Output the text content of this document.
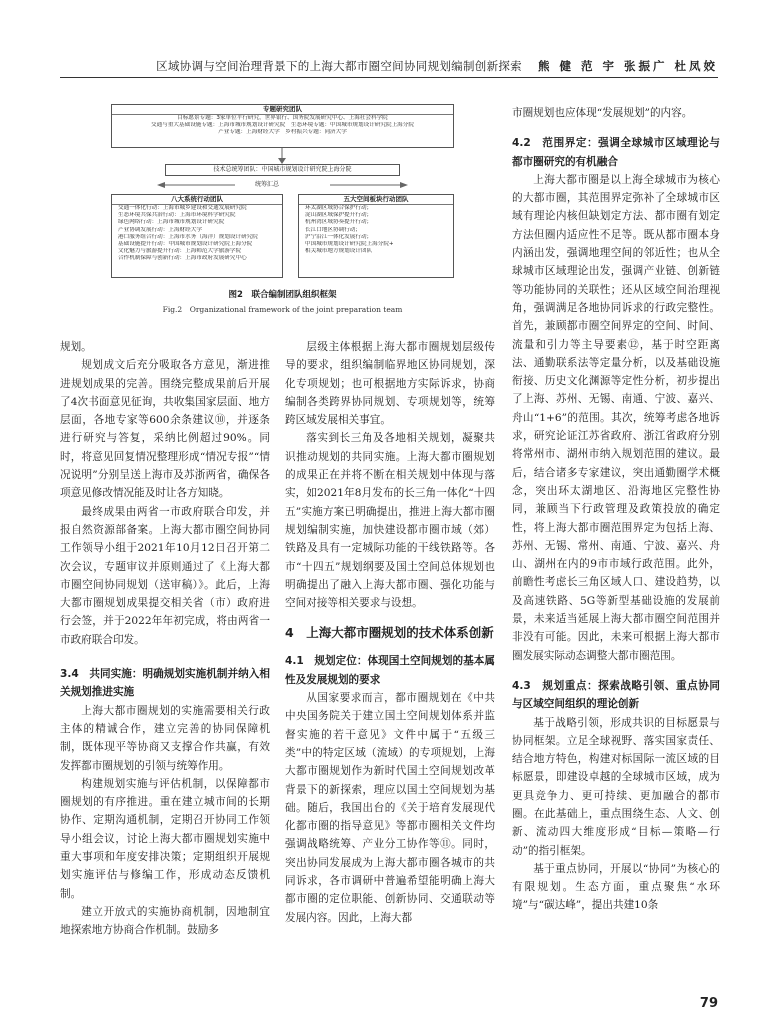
区域协调与空间治理背景下的上海大都市圈空间协同规划编制创新探索 熊 健 范 宇 张振广 杜凤姣
专题研究团队
目标愿景专题：3家单位平行研究，世界银行、国务院发展研究中心、上海社会科学院
交通与重大基础设施专题：上海市城市规划设计研究院　生态环境专题：中国城市规划设计研究院上海分院
产业专题：上海财经大学　乡村振兴专题：同济大学
技术总统筹团队：中国城市规划设计研究院上海分院
统筹汇总
八大系统行动团队
交通一体化行动：上海市城乡建设和交通发展研究院
生态环境共保共治行动：上海市环境科学研究院
绿色网络行动：上海市城市规划设计研究院
产业协调发展行动：上海财经大学
港口服务组合行动：上海市水务（海洋）规划设计研究院
基础设施提升行动：中国城市规划设计研究院上海分院
文化魅力与旅游提升行动：上海师范大学旅游学院
合作机制保障与创新行动：上海市政府发展研究中心
五大空间板块行动团队
环太湖区域协合保护行动；
淀山湖区域保护提升行动；
杭州湾区域协奏提升行动；
长江口地区协调行动；
沪宁沿江一体化发展行动；
中国城市规划设计研究院上海分院+
相关城市地方规划设计团队
图2　联合编制团队组织框架
Fig.2　Organizational framework of the joint preparation team

规划。

规划成文后充分吸取各方意见，渐进推进规划成果的完善。围绕完整成果前后开展了4次书面意见征询，共收集国家层面、地方层面，各地专家等600余条建议⑩，并逐条进行研究与答复，采纳比例超过90%。同时，将意见回复情况整理形成“情况专报”“情况说明”分别呈送上海市及苏浙两省，确保各项意见修改情况能及时让各方知晓。

最终成果由两省一市政府联合印发，并报自然资源部备案。上海大都市圈空间协同工作领导小组于2021年10月12日召开第二次会议，专题审议并原则通过了《上海大都市圈空间协同规划（送审稿）》。此后，上海大都市圈规划成果提交相关省（市）政府进行会签，并于2022年年初完成，将由两省一市政府联合印发。

3.4　共同实施：明确规划实施机制并纳入相关规划推进实施

上海大都市圈规划的实施需要相关行政主体的精诚合作，建立完善的协同保障机制，既体现平等协商又支撑合作共赢，有效发挥都市圈规划的引领与统筹作用。

构建规划实施与评估机制，以保障都市圈规划的有序推进。重在建立城市间的长期协作、定期沟通机制，定期召开协同工作领导小组会议，讨论上海大都市圈规划实施中重大事项和年度安排决策；定期组织开展规划实施评估与修编工作，形成动态反馈机制。

建立开放式的实施协商机制，因地制宜地探索地方协商合作机制。鼓励多

层级主体根据上海大都市圈规划层级传导的要求，组织编制临界地区协同规划，深化专项规划；也可根据地方实际诉求，协商编制各类跨界协同规划、专项规划等，统筹跨区域发展相关事宜。

落实到长三角及各地相关规划，凝聚共识推动规划的共同实施。上海大都市圈规划的成果正在并将不断在相关规划中体现与落实，如2021年8月发布的长三角一体化“十四五”实施方案已明确提出，推进上海大都市圈规划编制实施，加快建设都市圈市域（郊）铁路及具有一定城际功能的干线铁路等。各市“十四五”规划纲要及国土空间总体规划也明确提出了融入上海大都市圈、强化功能与空间对接等相关要求与设想。

4　上海大都市圈规划的技术体系创新
4.1　规划定位：体现国土空间规划的基本属性及发展规划的要求

从国家要求而言，都市圈规划在《中共中央国务院关于建立国土空间规划体系并监督实施的若干意见》文件中属于“五级三类”中的特定区域（流域）的专项规划，上海大都市圈规划作为新时代国土空间规划改革背景下的新探索，理应以国土空间规划为基础。随后，我国出台的《关于培育发展现代化都市圈的指导意见》等都市圈相关文件均强调战略统筹、产业分工协作等⑪。同时，突出协同发展成为上海大都市圈各城市的共同诉求，各市调研中普遍希望能明确上海大都市圈的定位职能、创新协同、交通联动等发展内容。因此，上海大都

市圈规划也应体现“发展规划”的内容。

4.2　范围界定：强调全球城市区域理论与都市圈研究的有机融合

上海大都市圈是以上海全球城市为核心的大都市圈，其范围界定弥补了全球城市区域有理论内核但缺划定方法、都市圈有划定方法但圈内适应性不足等。既从都市圈本身内涵出发，强调地理空间的邻近性；也从全球城市区域理论出发，强调产业链、创新链等功能协同的关联性；还从区域空间治理视角，强调满足各地协同诉求的行政完整性。首先，兼顾都市圈空间界定的空间、时间、流量和引力等主导要素⑫，基于时空距离法、通勤联系法等定量分析，以及基础设施衔接、历史文化渊源等定性分析，初步提出了上海、苏州、无锡、南通、宁波、嘉兴、舟山“1+6”的范围。其次，统筹考虑各地诉求，研究论证江苏省政府、浙江省政府分别将常州市、湖州市纳入规划范围的建议。最后，结合诸多专家建议，突出通勤圈学术概念，突出环太湖地区、沿海地区完整性协同，兼顾当下行政管理及政策投放的确定性，将上海大都市圈范围界定为包括上海、苏州、无锡、常州、南通、宁波、嘉兴、舟山、湖州在内的9市市域行政范围。此外，前瞻性考虑长三角区域人口、建设趋势，以及高速铁路、5G等新型基础设施的发展前景，未来适当延展上海大都市圈空间范围并非没有可能。因此，未来可根据上海大都市圈发展实际动态调整大都市圈范围。

4.3　规划重点：探索战略引领、重点协同与区域空间组织的理论创新

基于战略引领，形成共识的目标愿景与协同框架。立足全球视野、落实国家责任、结合地方特色，构建对标国际一流区域的目标愿景，即建设卓越的全球城市区域，成为更具竞争力、更可持续、更加融合的都市圈。在此基础上，重点围绕生态、人文、创新、流动四大维度形成“目标—策略—行动”的指引框架。

基于重点协同，开展以“协同”为核心的有限规划。生态方面，重点聚焦“水环境”与“碳达峰”，提出共建10条

79
